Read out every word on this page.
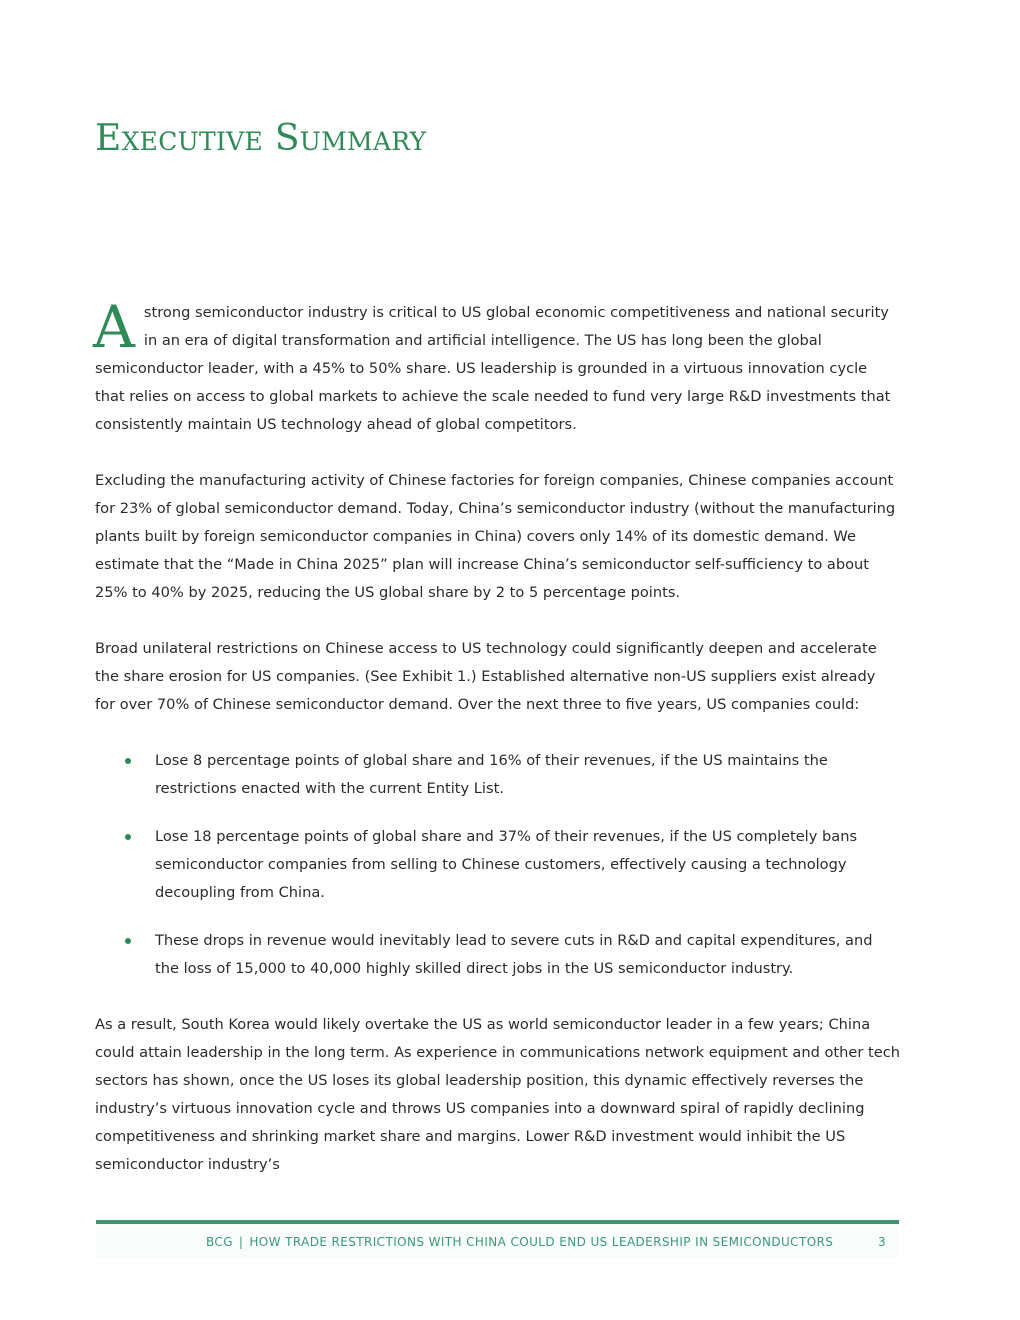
Executive Summary

Astrong semiconductor industry is critical to US global economic competitiveness and national security in an era of digital transformation and artificial intelligence. The US has long been the global semiconductor leader, with a 45% to 50% share. US leadership is grounded in a virtuous innovation cycle that relies on access to global markets to achieve the scale needed to fund very large R&D investments that consistently maintain US technology ahead of global competitors.

Excluding the manufacturing activity of Chinese factories for foreign companies, Chinese companies account for 23% of global semiconductor demand. Today, China’s semiconductor industry (without the manufacturing plants built by foreign semiconductor companies in China) covers only 14% of its domestic demand. We estimate that the “Made in China 2025” plan will increase China’s semiconductor self-sufficiency to about 25% to 40% by 2025, reducing the US global share by 2 to 5 percentage points.

Broad unilateral restrictions on Chinese access to US technology could significantly deepen and accelerate the share erosion for US companies. (See Exhibit 1.) Established alternative non-US suppliers exist already for over 70% of Chinese semiconductor demand. Over the next three to five years, US companies could:

Lose 8 percentage points of global share and 16% of their revenues, if the US maintains the restrictions enacted with the current Entity List.
Lose 18 percentage points of global share and 37% of their revenues, if the US completely bans semiconductor companies from selling to Chinese customers, effectively causing a technology decoupling from China.
These drops in revenue would inevitably lead to severe cuts in R&D and capital expenditures, and the loss of 15,000 to 40,000 highly skilled direct jobs in the US semiconductor industry.

As a result, South Korea would likely overtake the US as world semiconductor leader in a few years; China could attain leadership in the long term. As experience in communications network equipment and other tech sectors has shown, once the US loses its global leadership position, this dynamic effectively reverses the industry’s virtuous innovation cycle and throws US companies into a downward spiral of rapidly declining competitiveness and shrinking market share and margins. Lower R&D investment would inhibit the US semiconductor industry’s

BCG | HOW TRADE RESTRICTIONS WITH CHINA COULD END US LEADERSHIP IN SEMICONDUCTORS	3
